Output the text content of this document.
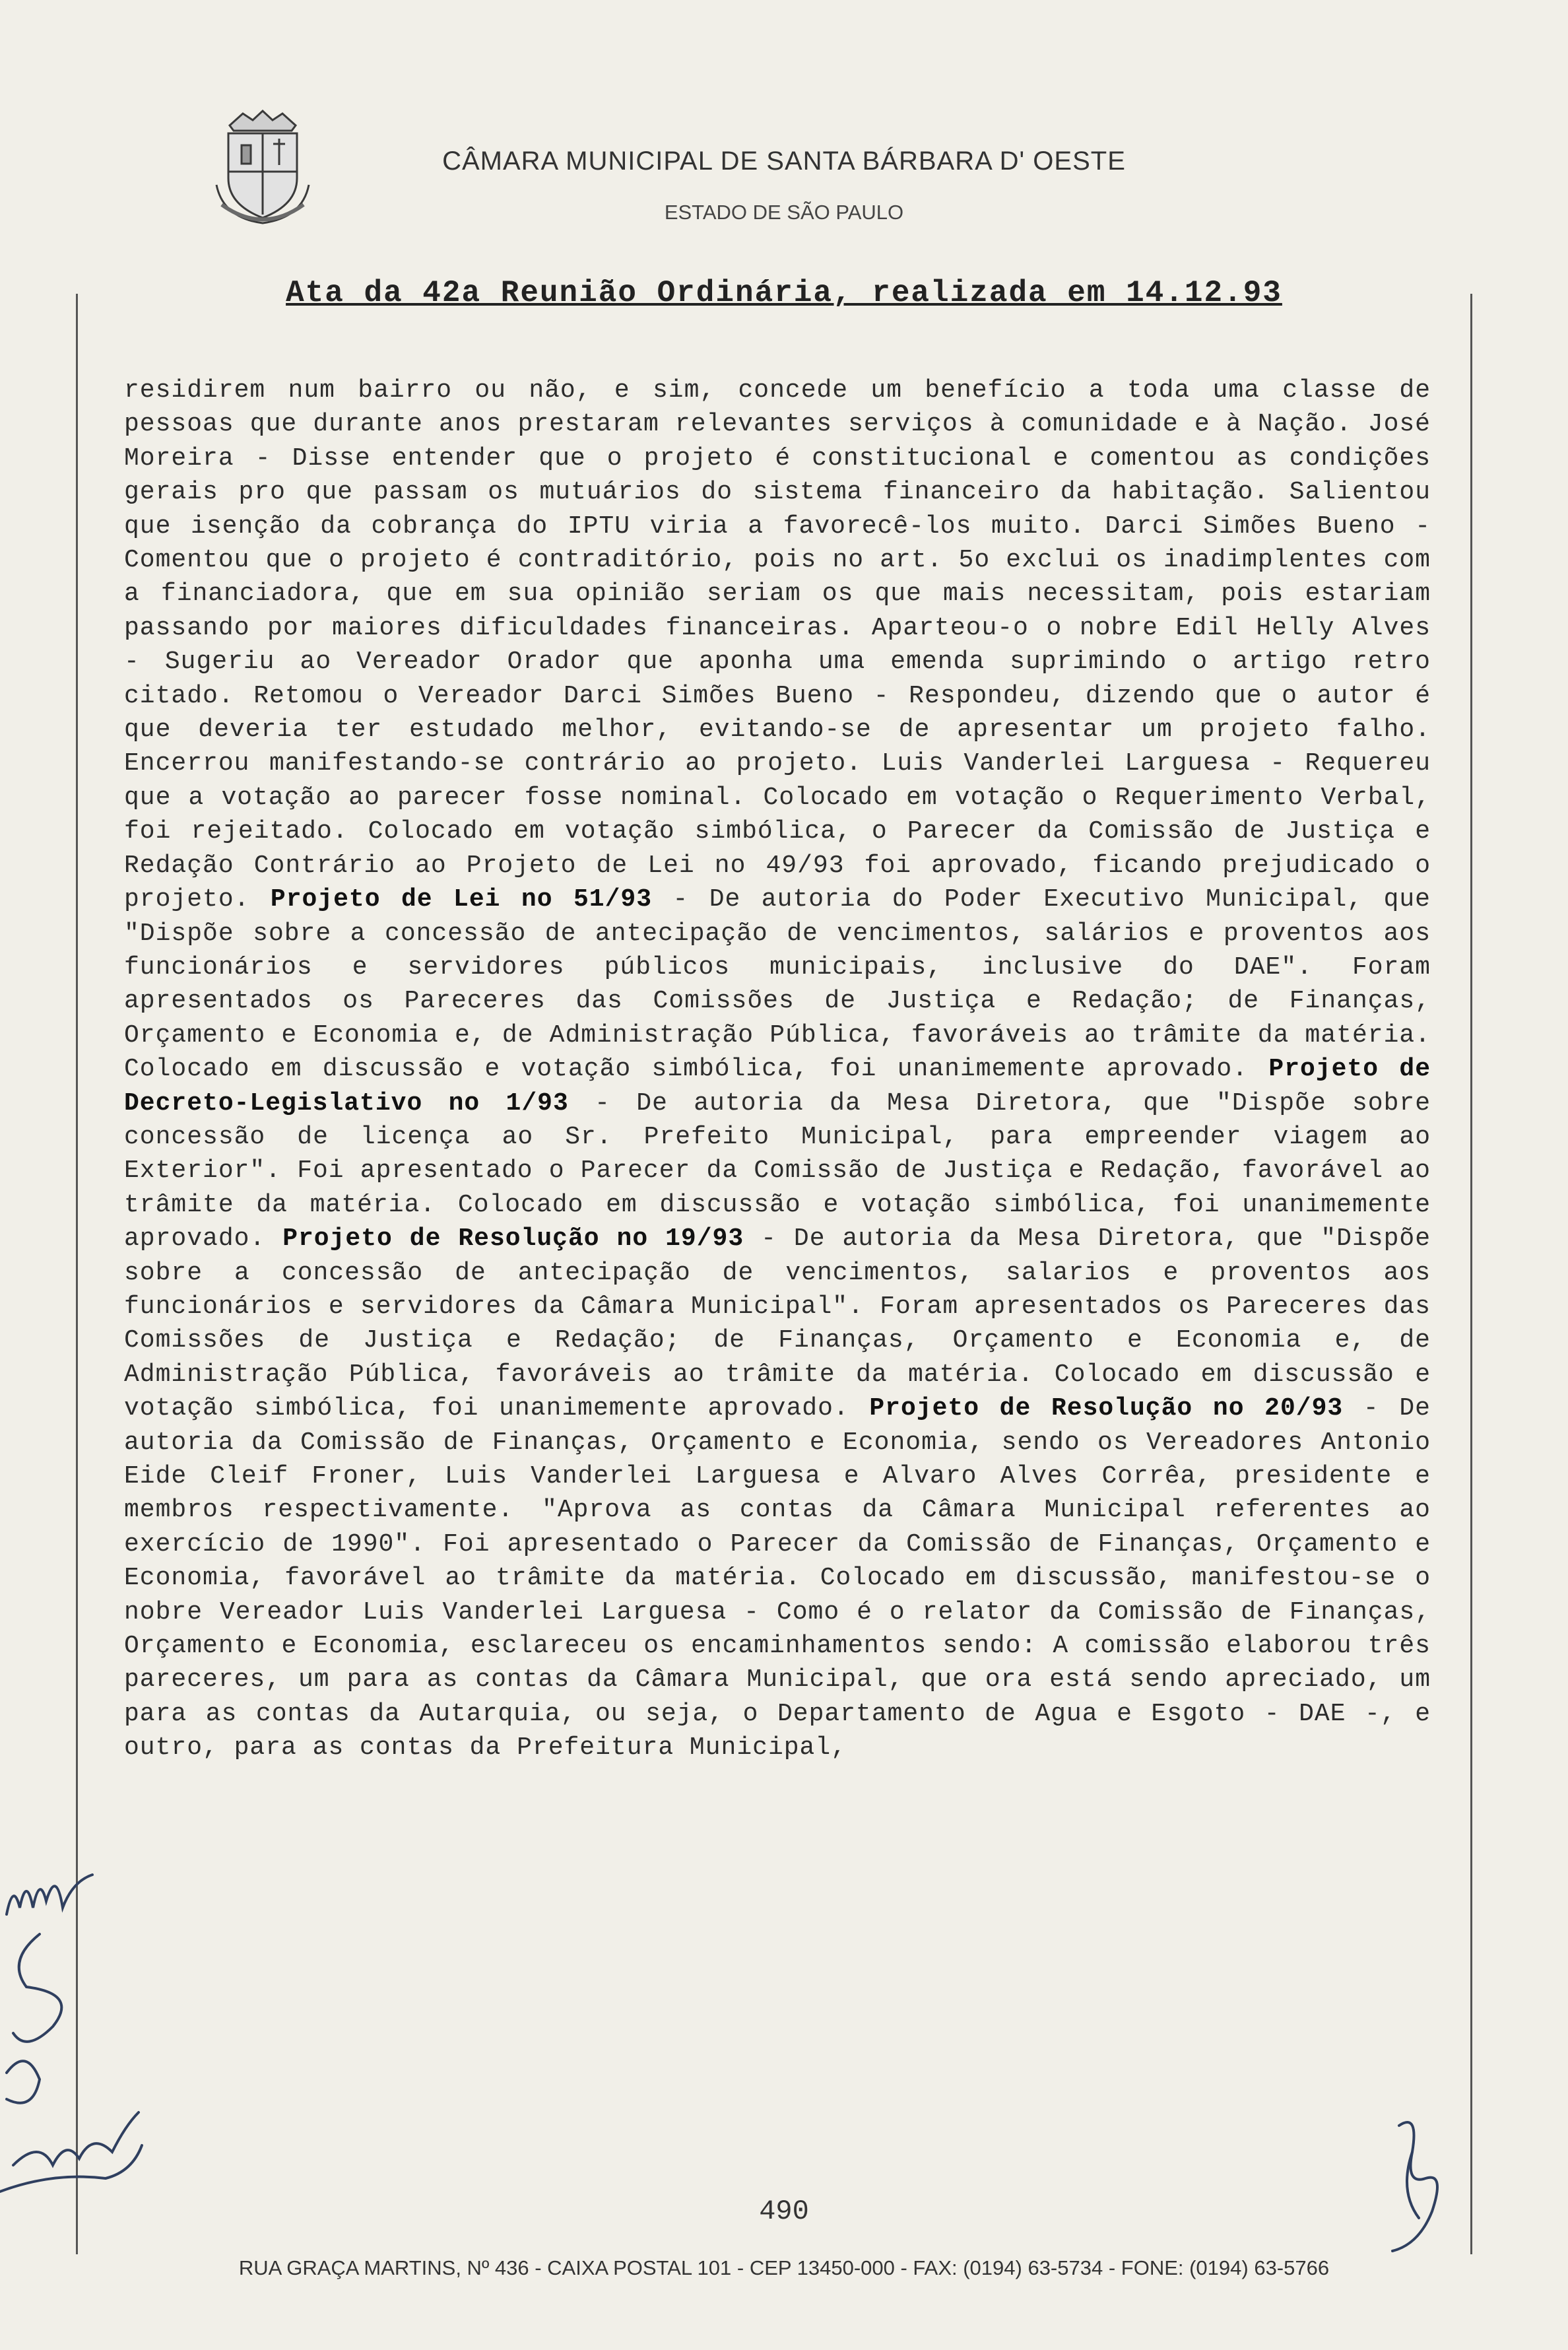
CÂMARA MUNICIPAL DE SANTA BÁRBARA D' OESTE
ESTADO DE SÃO PAULO
Ata da 42a Reunião Ordinária, realizada em 14.12.93
residirem num bairro ou não, e sim, concede um benefício a toda uma classe de pessoas que durante anos prestaram relevantes serviços à comunidade e à Nação. José Moreira - Disse entender que o projeto é constitucional e comentou as condições gerais pro que passam os mutuários do sistema financeiro da habitação. Salientou que isenção da cobrança do IPTU viria a favorecê-los muito. Darci Simões Bueno - Comentou que o projeto é contraditório, pois no art. 5o exclui os inadimplentes com a financiadora, que em sua opinião seriam os que mais necessitam, pois estariam passando por maiores dificuldades financeiras. Aparteou-o o nobre Edil Helly Alves - Sugeriu ao Vereador Orador que aponha uma emenda suprimindo o artigo retro citado. Retomou o Vereador Darci Simões Bueno - Respondeu, dizendo que o autor é que deveria ter estudado melhor, evitando-se de apresentar um projeto falho. Encerrou manifestando-se contrário ao projeto. Luis Vanderlei Larguesa - Requereu que a votação ao parecer fosse nominal. Colocado em votação o Requerimento Verbal, foi rejeitado. Colocado em votação simbólica, o Parecer da Comissão de Justiça e Redação Contrário ao Projeto de Lei no 49/93 foi aprovado, ficando prejudicado o projeto. Projeto de Lei no 51/93 - De autoria do Poder Executivo Municipal, que "Dispõe sobre a concessão de antecipação de vencimentos, salários e proventos aos funcionários e servidores públicos municipais, inclusive do DAE". Foram apresentados os Pareceres das Comissões de Justiça e Redação; de Finanças, Orçamento e Economia e, de Administração Pública, favoráveis ao trâmite da matéria. Colocado em discussão e votação simbólica, foi unanimemente aprovado. Projeto de Decreto-Legislativo no 1/93 - De autoria da Mesa Diretora, que "Dispõe sobre concessão de licença ao Sr. Prefeito Municipal, para empreender viagem ao Exterior". Foi apresentado o Parecer da Comissão de Justiça e Redação, favorável ao trâmite da matéria. Colocado em discussão e votação simbólica, foi unanimemente aprovado. Projeto de Resolução no 19/93 - De autoria da Mesa Diretora, que "Dispõe sobre a concessão de antecipação de vencimentos, salarios e proventos aos funcionários e servidores da Câmara Municipal". Foram apresentados os Pareceres das Comissões de Justiça e Redação; de Finanças, Orçamento e Economia e, de Administração Pública, favoráveis ao trâmite da matéria. Colocado em discussão e votação simbólica, foi unanimemente aprovado. Projeto de Resolução no 20/93 - De autoria da Comissão de Finanças, Orçamento e Economia, sendo os Vereadores Antonio Eide Cleif Froner, Luis Vanderlei Larguesa e Alvaro Alves Corrêa, presidente e membros respectivamente. "Aprova as contas da Câmara Municipal referentes ao exercício de 1990". Foi apresentado o Parecer da Comissão de Finanças, Orçamento e Economia, favorável ao trâmite da matéria. Colocado em discussão, manifestou-se o nobre Vereador Luis Vanderlei Larguesa - Como é o relator da Comissão de Finanças, Orçamento e Economia, esclareceu os encaminhamentos sendo: A comissão elaborou três pareceres, um para as contas da Câmara Municipal, que ora está sendo apreciado, um para as contas da Autarquia, ou seja, o Departamento de Agua e Esgoto - DAE -, e outro, para as contas da Prefeitura Municipal,
490
RUA GRAÇA MARTINS, Nº 436 - CAIXA POSTAL 101 - CEP 13450-000 - FAX: (0194) 63-5734 - FONE: (0194) 63-5766
